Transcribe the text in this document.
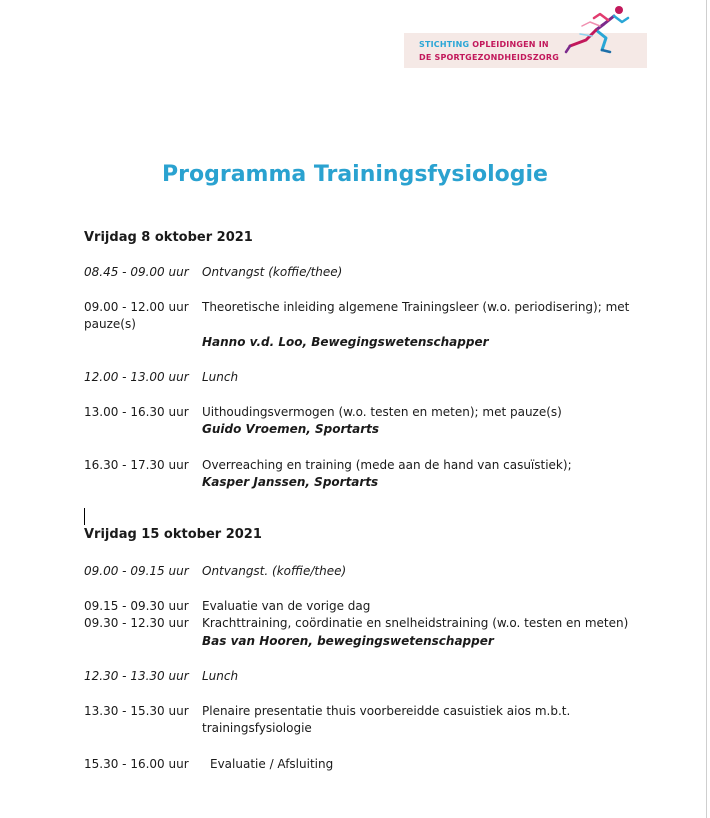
STICHTING OPLEIDINGEN IN
DE SPORTGEZONDHEIDSZORG
Programma Trainingsfysiologie
Vrijdag 8 oktober 2021
08.45 - 09.00 uur Ontvangst (koffie/thee)
09.00 - 12.00 uur Theoretische inleiding algemene Trainingsleer (w.o. periodisering); met
pauze(s)
Hanno v.d. Loo, Bewegingswetenschapper
12.00 - 13.00 uur Lunch
13.00 - 16.30 uur Uithoudingsvermogen (w.o. testen en meten); met pauze(s)
Guido Vroemen, Sportarts
16.30 - 17.30 uur Overreaching en training (mede aan de hand van casuïstiek);
Kasper Janssen, Sportarts
Vrijdag 15 oktober 2021
09.00 - 09.15 uur Ontvangst. (koffie/thee)
09.15 - 09.30 uur Evaluatie van de vorige dag
09.30 - 12.30 uur Krachttraining, coördinatie en snelheidstraining (w.o. testen en meten)
Bas van Hooren, bewegingswetenschapper
12.30 - 13.30 uur Lunch
13.30 - 15.30 uur Plenaire presentatie thuis voorbereidde casuistiek aios m.b.t.
trainingsfysiologie
15.30 - 16.00 uur Evaluatie / Afsluiting
